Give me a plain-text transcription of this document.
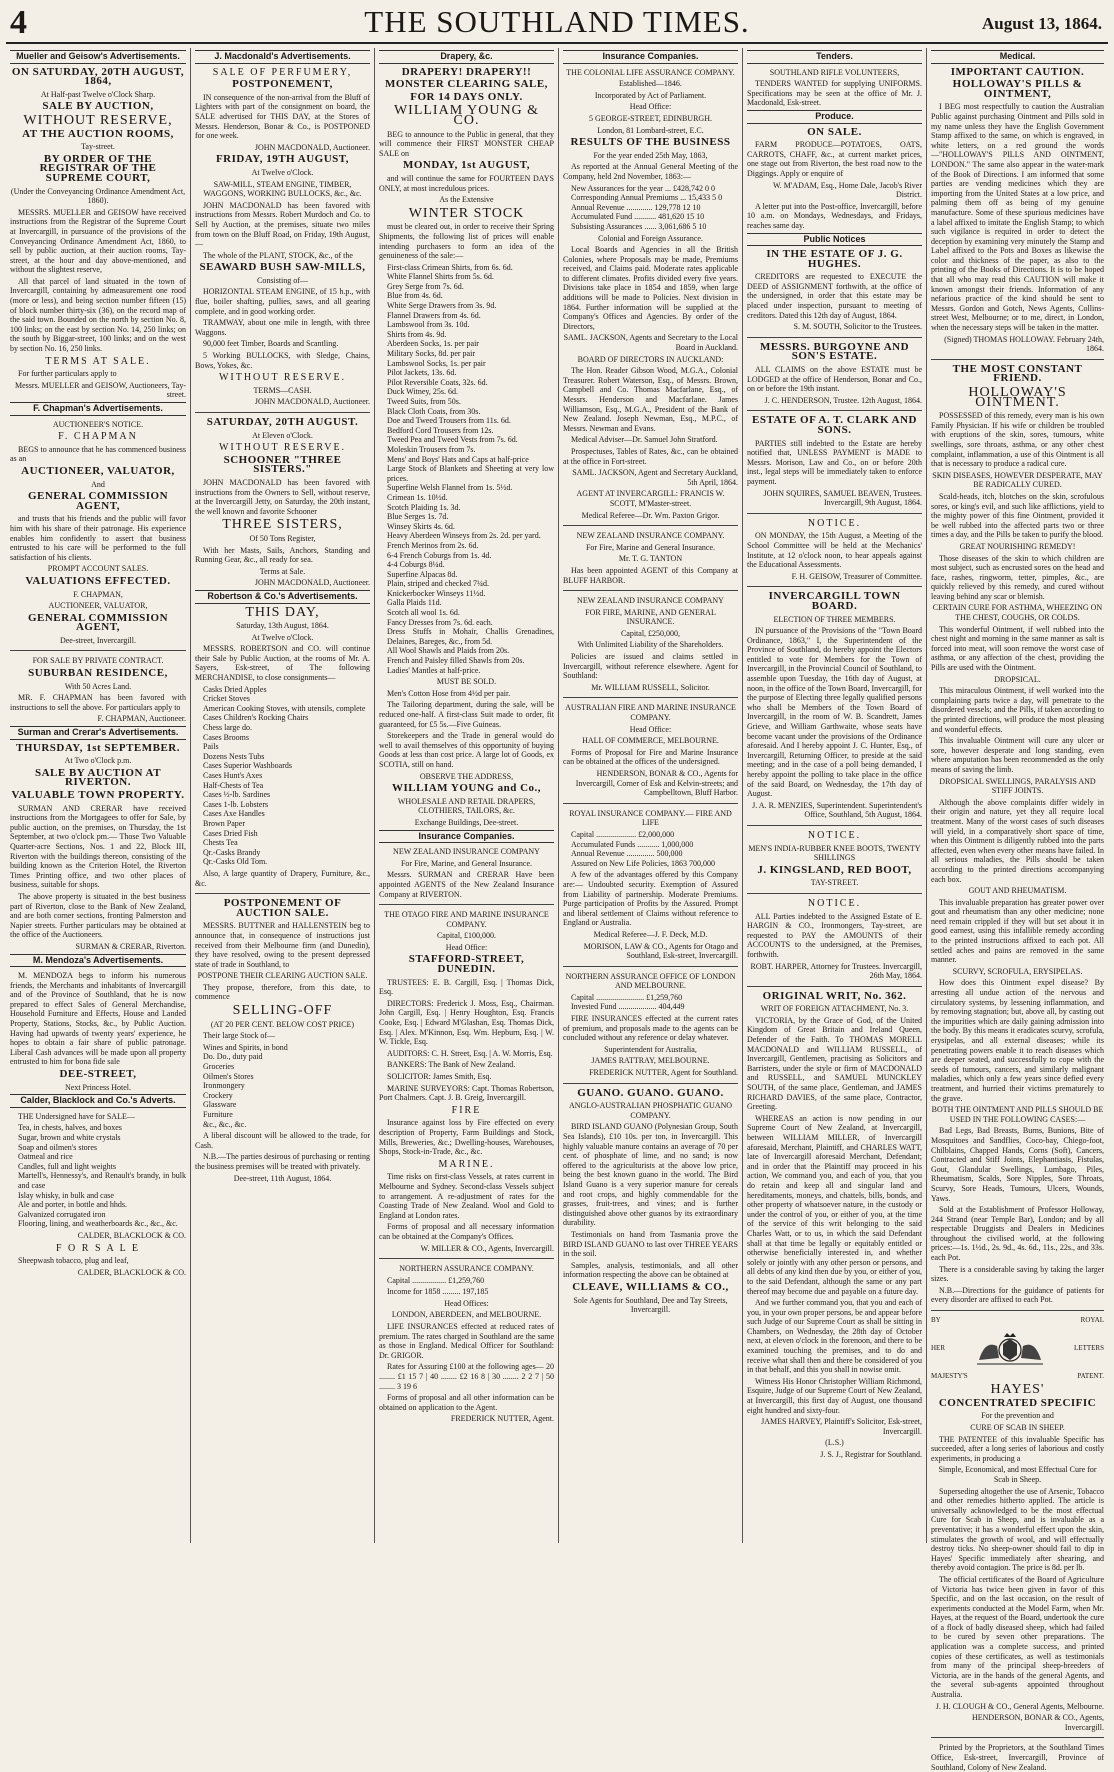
4	THE SOUTHLAND TIMES.	August 13, 1864.
Mueller and Geisow's Advertisements.
ON SATURDAY, 20TH AUGUST, 1864,
At Half-past Twelve o'Clock Sharp.
SALE BY AUCTION,
WITHOUT RESERVE,
AT THE AUCTION ROOMS,
Tay-street.
BY ORDER OF THE REGISTRAR OF THE SUPREME COURT,
(Under the Conveyancing Ordinance Amendment Act, 1860).

MESSRS. MUELLER and GEISOW have received instructions from the Registrar of the Supreme Court at Invercargill, in pursuance of the provisions of the Conveyancing Ordinance Amendment Act, 1860, to sell by public auction, at their auction rooms, Tay-street, at the hour and day above-mentioned, and without the slightest reserve,

All that parcel of land situated in the town of Invercargill, containing by admeasurement one rood (more or less), and being section number fifteen (15) of block number thirty-six (36), on the record map of the said town. Bounded on the north by section No. 8, 100 links; on the east by section No. 14, 250 links; on the south by Biggar-street, 100 links; and on the west by section No. 16, 250 links.

TERMS AT SALE.

For further particulars apply to

Messrs. MUELLER and GEISOW, Auctioneers, Tay-street.
F. Chapman's Advertisements.
AUCTIONEER'S NOTICE.
F. CHAPMAN

BEGS to announce that he has commenced business as an

AUCTIONEER, VALUATOR,
And
GENERAL COMMISSION AGENT,

and trusts that his friends and the public will favor him with his share of their patronage. His experience enables him confidently to assert that business entrusted to his care will be performed to the full satisfaction of his clients.

PROMPT ACCOUNT SALES.
VALUATIONS EFFECTED.
F. CHAPMAN,
AUCTIONEER, VALUATOR,
GENERAL COMMISSION AGENT,
Dee-street, Invercargill.
FOR SALE BY PRIVATE CONTRACT.
SUBURBAN RESIDENCE,
With 50 Acres Land.

MR. F. CHAPMAN has been favored with instructions to sell the above. For particulars apply to

F. CHAPMAN, Auctioneer.
Surman and Crerar's Advertisements.
THURSDAY, 1st SEPTEMBER.
At Two o'Clock p.m.
SALE BY AUCTION AT RIVERTON.
VALUABLE TOWN PROPERTY.

SURMAN AND CRERAR have received instructions from the Mortgagees to offer for Sale, by public auction, on the premises, on Thursday, the 1st September, at two o'clock pm.— Those Two Valuable Quarter-acre Sections, Nos. 1 and 22, Block III, Riverton with the buildings thereon, consisting of the building known as the Criterion Hotel, the Riverton Times Printing office, and two other places of business, suitable for shops.

The above property is situated in the best business part of Riverton, close to the Bank of New Zealand, and are both corner sections, fronting Palmerston and Napier streets. Further particulars may be obtained at the office of the Auctioneers.

SURMAN & CRERAR, Riverton.
M. Mendoza's Advertisements.

M. MENDOZA begs to inform his numerous friends, the Merchants and inhabitants of Invercargill and of the Province of Southland, that he is now prepared to effect Sales of General Merchandise, Household Furniture and Effects, House and Landed Property, Stations, Stocks, &c., by Public Auction. Having had upwards of twenty years' experience, he hopes to obtain a fair share of public patronage. Liberal Cash advances will be made upon all property entrusted to him for bona fide sale

DEE-STREET,
Next Princess Hotel.
Calder, Blacklock and Co.'s Adverts.

THE Undersigned have for SALE—

Tea, in chests, halves, and boxes
Sugar, brown and white crystals
Soap and oilmen's stores
Oatmeal and rice
Candles, full and light weights
Martell's, Hennessy's, and Renault's brandy, in bulk and case
Islay whisky, in bulk and case
Ale and porter, in bottle and hhds.
Galvanized corrugated iron
Flooring, lining, and weatherboards &c., &c., &c.
CALDER, BLACKLOCK & CO.
F O R S A L E

Sheepwash tobacco, plug and leaf,

CALDER, BLACKLOCK & CO.
J. Macdonald's Advertisements.
SALE OF PERFUMERY,
POSTPONEMENT,

IN consequence of the non-arrival from the Bluff of Lighters with part of the consignment on board, the SALE advertised for THIS DAY, at the Stores of Messrs. Henderson, Bonar & Co., is POSTPONED for one week.

JOHN MACDONALD, Auctioneer.
FRIDAY, 19TH AUGUST,
At Twelve o'Clock.
SAW-MILL, STEAM ENGINE, TIMBER, WAGGONS, WORKING BULLOCKS, &c., &c.

JOHN MACDONALD has been favored with instructions from Messrs. Robert Murdoch and Co. to Sell by Auction, at the premises, situate two miles from town on the Bluff Road, on Friday, 19th August,—

The whole of the PLANT, STOCK, &c., of the

SEAWARD BUSH SAW-MILLS,
Consisting of—

HORIZONTAL STEAM ENGINE, of 15 h.p., with flue, boiler shafting, pullies, saws, and all gearing complete, and in good working order.

TRAMWAY, about one mile in length, with three Waggons.

90,000 feet Timber, Boards and Scantling.

5 Working BULLOCKS, with Sledge, Chains, Bows, Yokes, &c.

WITHOUT RESERVE.
TERMS—CASH.
JOHN MACDONALD, Auctioneer.
SATURDAY, 20TH AUGUST.
At Eleven o'Clock.
WITHOUT RESERVE.
SCHOONER "THREE SISTERS."

JOHN MACDONALD has been favored with instructions from the Owners to Sell, without reserve, at the Invercargill Jetty, on Saturday, the 20th instant, the well known and favorite Schooner

THREE SISTERS,
Of 50 Tons Register,

With her Masts, Sails, Anchors, Standing and Running Gear, &c., all ready for sea.

Terms at Sale.
JOHN MACDONALD, Auctioneer.
Robertson & Co.'s Advertisements.
THIS DAY,
Saturday, 13th August, 1864.
At Twelve o'Clock.

MESSRS. ROBERTSON and CO. will continue their Sale by Public Auction, at the rooms of Mr. A. Sayers, Esk-street, of The following MERCHANDISE, to close consignments—

Casks Dried Apples
Cricket Stoves
American Cooking Stoves, with utensils, complete
Cases Children's Rocking Chairs
Chess large do.
Cases Brooms
Pails
Dozens Nests Tubs
Cases Superior Washboards
Cases Hunt's Axes
Half-Chests of Tea
Cases ½-lb. Sardines
Cases 1-lb. Lobsters
Cases Axe Handles
Brown Paper
Cases Dried Fish
Chests Tea
Qr.-Casks Brandy
Qr.-Casks Old Tom.

Also, A large quantity of Drapery, Furniture, &c., &c.

POSTPONEMENT OF AUCTION SALE.

MESSRS. BUTTNER and HALLENSTEIN beg to announce that, in consequence of instructions just received from their Melbourne firm (and Dunedin), they have resolved, owing to the present depressed state of trade in Southland, to

POSTPONE THEIR CLEARING AUCTION SALE.

They propose, therefore, from this date, to commence

SELLING-OFF
(AT 20 PER CENT. BELOW COST PRICE)

Their large Stock of—

Wines and Spirits, in bond
Do. Do., duty paid
Groceries
Oilmen's Stores
Ironmongery
Crockery
Glassware
Furniture
&c., &c., &c.

A liberal discount will be allowed to the trade, for Cash.

N.B.—The parties desirous of purchasing or renting the business premises will be treated with privately.

Dee-street, 11th August, 1864.
Drapery, &c.
DRAPERY! DRAPERY!!
MONSTER CLEARING SALE,
FOR 14 DAYS ONLY.
WILLIAM YOUNG & CO.

BEG to announce to the Public in general, that they will commence their FIRST MONSTER CHEAP SALE on

MONDAY, 1st AUGUST,

and will continue the same for FOURTEEN DAYS ONLY, at most incredulous prices.

As the Extensive
WINTER STOCK

must be cleared out, in order to receive their Spring Shipments, the following list of prices will enable intending purchasers to form an idea of the genuineness of the sale:—

First-class Crimean Shirts, from 6s. 6d.
White Flannel Shirts from 5s. 6d.
Grey Serge from 7s. 6d.
Blue from 4s. 6d.
White Serge Drawers from 3s. 9d.
Flannel Drawers from 4s. 6d.
Lambswool from 3s. 10d.
Shirts from 4s. 9d.
Aberdeen Socks, 1s. per pair
Military Socks, 8d. per pair
Lambswool Socks, 1s. per pair
Pilot Jackets, 13s. 6d.
Pilot Reversible Coats, 32s. 6d.
Duck Witney, 25s. 6d.
Tweed Suits, from 50s.
Black Cloth Coats, from 30s.
Doe and Tweed Trousers from 11s. 6d.
Bedford Cord Trousers from 12s.
Tweed Pea and Tweed Vests from 7s. 6d.
Moleskin Trousers from 7s.
Mens' and Boys' Hats and Caps at half-price
Large Stock of Blankets and Sheeting at very low prices.
Superfine Welsh Flannel from 1s. 5½d.
Crimean 1s. 10½d.
Scotch Plaiding 1s. 3d.
Blue Serges 1s. 7d.
Winsey Skirts 4s. 6d.
Heavy Aberdeen Winseys from 2s. 2d. per yard.
French Merinos from 2s. 6d.
6-4 French Coburgs from 1s. 4d.
4-4 Coburgs 8¼d.
Superfine Alpacas 8d.
Plain, striped and checked 7¼d.
Knickerbocker Winseys 11½d.
Galla Plaids 11d.
Scotch all wool 1s. 6d.
Fancy Dresses from 7s. 6d. each.
Dress Stuffs in Mohair, Challis Grenadines, Delaines, Bareges, &c., from 5d.
All Wool Shawls and Plaids from 20s.
French and Paisley filled Shawls from 20s.
Ladies' Mantles at half-price.
MUST BE SOLD.

Men's Cotton Hose from 4½d per pair.

The Tailoring department, during the sale, will be reduced one-half. A first-class Suit made to order, fit guaranteed, for £5 5s.—Five Guineas.

Storekeepers and the Trade in general would do well to avail themselves of this opportunity of buying Goods at less than cost price. A large lot of Goods, ex SCOTIA, still on hand.

OBSERVE THE ADDRESS,
WILLIAM YOUNG and Co.,
WHOLESALE AND RETAIL DRAPERS, CLOTHIERS, TAILORS, &c.
Exchange Buildings, Dee-street.
Insurance Companies.
NEW ZEALAND INSURANCE COMPANY
For Fire, Marine, and General Insurance.

Messrs. SURMAN and CRERAR Have been appointed AGENTS of the New Zealand Insurance Company at RIVERTON.

THE OTAGO FIRE AND MARINE INSURANCE COMPANY.
Capital, £100,000.
Head Office:
STAFFORD-STREET, DUNEDIN.

TRUSTEES: E. B. Cargill, Esq. | Thomas Dick, Esq.

DIRECTORS: Frederick J. Moss, Esq., Chairman. John Cargill, Esq. | Henry Houghton, Esq. Francis Cooke, Esq. | Edward M'Glashan, Esq. Thomas Dick, Esq. | Alex. M'Kinnon, Esq. Wm. Hepburn, Esq. | W. W. Tickle, Esq.

AUDITORS: C. H. Street, Esq. | A. W. Morris, Esq.

BANKERS: The Bank of New Zealand.

SOLICITOR: James Smith, Esq.

MARINE SURVEYORS: Capt. Thomas Robertson, Port Chalmers. Capt. J. B. Greig, Invercargill.

FIRE

Insurance against loss by Fire effected on every description of Property, Farm Buildings and Stock, Mills, Breweries, &c.; Dwelling-houses, Warehouses, Shops, Stock-in-Trade, &c., &c.

MARINE.

Time risks on first-class Vessels, at rates current in Melbourne and Sydney. Second-class Vessels subject to arrangement. A re-adjustment of rates for the Coasting Trade of New Zealand. Wool and Gold to England at London rates.

Forms of proposal and all necessary information can be obtained at the Company's Offices.

W. MILLER & CO., Agents, Invercargill.
NORTHERN ASSURANCE COMPANY.

Capital ................. £1,259,760

Income for 1858 ......... 197,185

Head Offices:
LONDON, ABERDEEN, and MELBOURNE.

LIFE INSURANCES effected at reduced rates of premium. The rates charged in Southland are the same as those in England. Medical Officer for Southland: Dr. GRIGOR.

Rates for Assuring £100 at the following ages— 20 ........ £1 15 7 | 40 ........ £2 16 8 | 30 ........ 2 2 7 | 50 ........ 3 19 6

Forms of proposal and all other information can be obtained on application to the Agent.

FREDERICK NUTTER, Agent.
Insurance Companies.
THE COLONIAL LIFE ASSURANCE COMPANY.
Established—1846.
Incorporated by Act of Parliament.
Head Office:
5 GEORGE-STREET, EDINBURGH.
London, 81 Lombard-street, E.C.
RESULTS OF THE BUSINESS
For the year ended 25th May, 1863,

As reported at the Annual General Meeting of the Company, held 2nd November, 1863:—

New Assurances for the year ... £428,742 0 0
Corresponding Annual Premiums ... 15,433 5 0
Annual Revenue ............. 129,778 12 10
Accumulated Fund ........... 481,620 15 10
Subsisting Assurances ...... 3,061,686 5 10
Colonial and Foreign Assurance.

Local Boards and Agencies in all the British Colonies, where Proposals may be made, Premiums received, and Claims paid. Moderate rates applicable to different climates. Profits divided every five years. Divisions take place in 1854 and 1859, when large additions will be made to Policies. Next division in 1864. Further information will be supplied at the Company's Offices and Agencies. By order of the Directors,

SAML. JACKSON, Agents and Secretary to the Local Board in Auckland.
BOARD OF DIRECTORS IN AUCKLAND:

The Hon. Reader Gibson Wood, M.G.A., Colonial Treasurer. Robert Waterson, Esq., of Messrs. Brown, Campbell and Co. Thomas Macfarlane, Esq., of Messrs. Henderson and Macfarlane. James Williamson, Esq., M.G.A., President of the Bank of New Zealand. Joseph Newman, Esq., M.P.C., of Messrs. Newman and Evans.

Medical Adviser—Dr. Samuel John Stratford.

Prospectuses, Tables of Rates, &c., can be obtained at the office in Fort-street.

SAML. JACKSON, Agent and Secretary Auckland, 5th April, 1864.
AGENT AT INVERCARGILL: FRANCIS W. SCOTT, M'Master-street.
Medical Referee—Dr. Wm. Paxton Grigor.
NEW ZEALAND INSURANCE COMPANY.
For Fire, Marine and General Insurance.
Mr. T. G. TANTON

Has been appointed AGENT of this Company at BLUFF HARBOR.

NEW ZEALAND INSURANCE COMPANY
FOR FIRE, MARINE, AND GENERAL INSURANCE.
Capital, £250,000,
With Unlimited Liability of the Shareholders.

Policies are issued and claims settled in Invercargill, without reference elsewhere. Agent for Southland:

Mr. WILLIAM RUSSELL, Solicitor.
AUSTRALIAN FIRE AND MARINE INSURANCE COMPANY.
Head Office:
HALL OF COMMERCE, MELBOURNE.

Forms of Proposal for Fire and Marine Insurance can be obtained at the offices of the undersigned.

HENDERSON, BONAR & CO., Agents for Invercargill, Corner of Esk and Kelvin-streets; and Campbelltown, Bluff Harbor.
ROYAL INSURANCE COMPANY.— FIRE AND LIFE
Capital .................... £2,000,000
Accumulated Funds ........... 1,000,000
Annual Revenue .............. 500,000
Assured on New Life Policies, 1863 700,000

A few of the advantages offered by this Company are:— Undoubted security. Exemption of Assured from Liability of partnership. Moderate Premiums. Purge participation of Profits by the Assured. Prompt and liberal settlement of Claims without reference to England or Australia.

Medical Referee—J. F. Deck, M.D.
MORISON, LAW & CO., Agents for Otago and Southland, Esk-street, Invercargill.
NORTHERN ASSURANCE OFFICE OF LONDON AND MELBOURNE.
Capital ........................ £1,259,760
Invested Fund ................... 404,449

FIRE INSURANCES effected at the current rates of premium, and proposals made to the agents can be concluded without any reference or delay whatever.

Superintendent for Australia,
JAMES RATTRAY, MELBOURNE.
FREDERICK NUTTER, Agent for Southland.
GUANO. GUANO. GUANO.
ANGLO-AUSTRALIAN PHOSPHATIC GUANO COMPANY.

BIRD ISLAND GUANO (Polynesian Group, South Sea Islands), £10 10s. per ton, in Invercargill. This highly valuable manure contains an average of 70 per cent. of phosphate of lime, and no sand; is now offered to the agriculturists at the above low price, being the best known guano in the world. The Bird Island Guano is a very superior manure for cereals and root crops, and highly commendable for the grasses, fruit-trees, and vines; and is further distinguished above other guanos by its extraordinary durability.

Testimonials on hand from Tasmania prove the BIRD ISLAND GUANO to last over THREE YEARS in the soil.

Samples, analysis, testimonials, and all other information respecting the above can be obtained at

CLEAVE, WILLIAMS & CO.,
Sole Agents for Southland, Dee and Tay Streets, Invercargill.
Tenders.
SOUTHLAND RIFLE VOLUNTEERS,

TENDERS WANTED for supplying UNIFORMS. Specifications may be seen at the office of Mr. J. Macdonald, Esk-street.

Produce.
ON SALE.

FARM PRODUCE—POTATOES, OATS, CARROTS, CHAFF, &c., at current market prices, one stage out from Riverton, the best road now to the Diggings. Apply or enquire of

W. M'ADAM, Esq., Home Dale, Jacob's River District.

A letter put into the Post-office, Invercargill, before 10 a.m. on Mondays, Wednesdays, and Fridays, reaches same day.

Public Notices
IN THE ESTATE OF J. G. HUGHES.

CREDITORS are requested to EXECUTE the DEED of ASSIGNMENT forthwith, at the office of the undersigned, in order that this estate may be placed under inspection, pursuant to meeting of creditors. Dated this 12th day of August, 1864.

S. M. SOUTH, Solicitor to the Trustees.
MESSRS. BURGOYNE AND SON'S ESTATE.

ALL CLAIMS on the above ESTATE must be LODGED at the office of Henderson, Bonar and Co., on or before the 19th instant.

J. C. HENDERSON, Trustee. 12th August, 1864.
ESTATE OF A. T. CLARK AND SONS.

PARTIES still indebted to the Estate are hereby notified that, UNLESS PAYMENT is MADE to Messrs. Morison, Law and Co., on or before 20th inst., legal steps will be immediately taken to enforce payment.

JOHN SQUIRES, SAMUEL BEAVEN, Trustees. Invercargill, 9th August, 1864.
NOTICE.

ON MONDAY, the 15th August, a Meeting of the School Committee will be held at the Mechanics' Institute, at 12 o'clock noon, to hear appeals against the Educational Assessments.

F. H. GEISOW, Treasurer of Committee.
INVERCARGILL TOWN BOARD.
ELECTION OF THREE MEMBERS.

IN pursuance of the Provisions of the "Town Board Ordinance, 1863," I, the Superintendent of the Province of Southland, do hereby appoint the Electors entitled to vote for Members for the Town of Invercargill, in the Provincial Council of Southland, to assemble upon Tuesday, the 16th day of August, at noon, in the office of the Town Board, Invercargill, for the purpose of Electing three legally qualified persons who shall be Members of the Town Board of Invercargill, in the room of W. B. Scandrett, James Grieve, and William Garthwaite, whose seats have become vacant under the provisions of the Ordinance aforesaid. And I hereby appoint J. C. Hunter, Esq., of Invercargill, Returning Officer, to preside at the said meeting; and in the case of a poll being demanded, I hereby appoint the polling to take place in the office of the said Board, on Wednesday, the 17th day of August.

J. A. R. MENZIES, Superintendent. Superintendent's Office, Southland, 5th August, 1864.
NOTICE.
MEN'S INDIA-RUBBER KNEE BOOTS, TWENTY SHILLINGS
J. KINGSLAND, RED BOOT,
TAY-STREET.
NOTICE.

ALL Parties indebted to the Assigned Estate of E. HARGIN & CO., Ironmongers, Tay-street, are requested to PAY the AMOUNTS of their ACCOUNTS to the undersigned, at the Premises, forthwith.

ROBT. HARPER, Attorney for Trustees. Invercargill, 26th May, 1864.
ORIGINAL WRIT, No. 362.
WRIT OF FOREIGN ATTACHMENT, No. 3.

VICTORIA, by the Grace of God, of the United Kingdom of Great Britain and Ireland Queen, Defender of the Faith. To THOMAS MORELL MACDONALD and WILLIAM RUSSELL, of Invercargill, Gentlemen, practising as Solicitors and Barristers, under the style or firm of MACDONALD and RUSSELL, and SAMUEL MUNCKLEY SOUTH, of the same place, Gentleman, and JAMES RICHARD DAVIES, of the same place, Contractor, Greeting.

WHEREAS an action is now pending in our Supreme Court of New Zealand, at Invercargill, between WILLIAM MILLER, of Invercargill aforesaid, Merchant, Plaintiff, and CHARLES WATT, late of Invercargill aforesaid Merchant, Defendant; and in order that the Plaintiff may proceed in his action, We command you, and each of you, that you do retain and keep all and singular land and hereditaments, moneys, and chattels, bills, bonds, and other property of whatsoever nature, in the custody or under the control of you, or either of you, at the time of the service of this writ belonging to the said Charles Watt, or to us, in which the said Defendant shall at that time be legally or equitably entitled or otherwise beneficially interested in, and whether solely or jointly with any other person or persons, and all debts of any kind then due by you, or either of you, to the said Defendant, although the same or any part thereof may become due and payable on a future day.

And we further command you, that you and each of you, in your own proper persons, be and appear before such Judge of our Supreme Court as shall be sitting in Chambers, on Wednesday, the 28th day of October next, at eleven o'clock in the forenoon, and there to be examined touching the premises, and to do and receive what shall then and there be considered of you in that behalf, and this you shall in nowise omit.

Witness His Honor Christopher William Richmond, Esquire, Judge of our Supreme Court of New Zealand, at Invercargill, this first day of August, one thousand eight hundred and sixty-four.

JAMES HARVEY, Plaintiff's Solicitor, Esk-street, Invercargill.
(L.S.)
J. S. J., Registrar for Southland.
Medical.
IMPORTANT CAUTION.
HOLLOWAY'S PILLS & OINTMENT,

I BEG most respectfully to caution the Australian Public against purchasing Ointment and Pills sold in my name unless they have the English Government Stamp affixed to the same, on which is engraved, in white letters, on a red ground the words—"HOLLOWAY'S PILLS AND OINTMENT, LONDON." The same also appear in the water-mark of the Book of Directions. I am informed that some parties are vending medicines which they are importing from the United States at a low price, and palming them off as being of my genuine manufacture. Some of these spurious medicines have a label affixed to imitate the English Stamp; to which such vigilance is required in order to detect the deception by examining very minutely the Stamp and Label affixed to the Pots and Boxes as likewise the color and thickness of the paper, as also to the printing of the Books of Directions. It is to be hoped that all who may read this CAUTION will make it known amongst their friends. Information of any nefarious practice of the kind should be sent to Messrs. Gordon and Gotch, News Agents, Collins-street West, Melbourne; or to me, direct, in London, when the necessary steps will be taken in the matter.

(Signed) THOMAS HOLLOWAY. February 24th, 1864.
THE MOST CONSTANT FRIEND.
HOLLOWAY'S OINTMENT.

POSSESSED of this remedy, every man is his own Family Physician. If his wife or children be troubled with eruptions of the skin, sores, tumours, white swellings, sore throats, asthma, or any other chest complaint, inflammation, a use of this Ointment is all that is necessary to produce a radical cure.

SKIN DISEASES, HOWEVER DESPERATE, MAY BE RADICALLY CURED.

Scald-heads, itch, blotches on the skin, scrofulous sores, or king's evil, and such like afflictions, yield to the mighty power of this fine Ointment, provided it be well rubbed into the affected parts two or three times a day, and the Pills be taken to purify the blood.

GREAT NOURISHING REMEDY!

Those diseases of the skin to which children are most subject, such as encrusted sores on the head and face, rashes, ringworm, tetter, pimples, &c., are quickly relieved by this remedy, and cured without leaving behind any scar or blemish.

CERTAIN CURE FOR ASTHMA, WHEEZING ON THE CHEST, COUGHS, OR COLDS.

This wonderful Ointment, if well rubbed into the chest night and morning in the same manner as salt is forced into meat, will soon remove the worst case of asthma, or any affection of the chest, providing the Pills are used with the Ointment.

DROPSICAL.

This miraculous Ointment, if well worked into the complaining parts twice a day, will penetrate to the disordered vessels; and the Pills, if taken according to the printed directions, will produce the most pleasing and wonderful effects.

This invaluable Ointment will cure any ulcer or sore, however desperate and long standing, even where amputation has been recommended as the only means of saving the limb.

DROPSICAL SWELLINGS, PARALYSIS AND STIFF JOINTS.

Although the above complaints differ widely in their origin and nature, yet they all require local treatment. Many of the worst cases of such diseases will yield, in a comparatively short space of time, when this Ointment is diligently rubbed into the parts affected, even when every other means have failed. In all serious maladies, the Pills should be taken according to the printed directions accompanying each box.

GOUT AND RHEUMATISM.

This invaluable preparation has greater power over gout and rheumatism than any other medicine; none need remain crippled if they will but set about it in good earnest, using this infallible remedy according to the printed instructions affixed to each pot. All settled aches and pains are removed in the same manner.

SCURVY, SCROFULA, ERYSIPELAS.

How does this Ointment expel disease? By arresting all undue action of the nervous and circulatory systems, by lessening inflammation, and by removing stagnation; but, above all, by casting out the impurities which are daily gaining admission into the body. By this means it eradicates scurvy, scrofula, erysipelas, and all external diseases; while its penetrating powers enable it to reach diseases which are deeper seated, and successfully to cope with the seeds of tumours, cancers, and similarly malignant maladies, which only a few years since defied every treatment, and hurried their victims prematurely to the grave.

BOTH THE OINTMENT AND PILLS SHOULD BE USED IN THE FOLLOWING CASES:—

Bad Legs, Bad Breasts, Burns, Bunions, Bite of Mosquitoes and Sandflies, Coco-bay, Chiego-foot, Chilblains, Chapped Hands, Corns (Soft), Cancers, Contracted and Stiff Joints, Elephantiasis, Fistulas, Gout, Glandular Swellings, Lumbago, Piles, Rheumatism, Scalds, Sore Nipples, Sore Throats, Scurvy, Sore Heads, Tumours, Ulcers, Wounds, Yaws.

Sold at the Establishment of Professor Holloway, 244 Strand (near Temple Bar), London; and by all respectable Druggists and Dealers in Medicines throughout the civilised world, at the following prices:—1s. 1½d., 2s. 9d., 4s. 6d., 11s., 22s., and 33s. each Pot.

There is a considerable saving by taking the larger sizes.

N.B.—Directions for the guidance of patients for every disorder are affixed to each Pot.

BY	ROYAL
HER	LETTERS
MAJESTY'S	PATENT.
HAYES'
CONCENTRATED SPECIFIC
For the prevention and
CURE OF SCAB IN SHEEP.

THE PATENTEE of this invaluable Specific has succeeded, after a long series of laborious and costly experiments, in producing a

Simple, Economical, and most Effectual Cure for Scab in Sheep.

Superseding altogether the use of Arsenic, Tobacco and other remedies hitherto applied. The article is universally acknowledged to be the most effectual Cure for Scab in Sheep, and is invaluable as a preventative; it has a wonderful effect upon the skin, stimulates the growth of wool, and will effectually destroy ticks. No sheep-owner should fail to dip in Hayes' Specific immediately after shearing, and thereby avoid contagion. The price is 8d. per lb.

The official certificates of the Board of Agriculture of Victoria has twice been given in favor of this Specific, and on the last occasion, on the result of experiments conducted at the Model Farm, when Mr. Hayes, at the request of the Board, undertook the cure of a flock of badly diseased sheep, which had failed to be cured by seven other preparations. The application was a complete success, and printed copies of these certificates, as well as testimonials from many of the principal sheep-breeders of Victoria, are in the hands of the general Agents, and the several sub-agents appointed throughout Australia.

J. H. CLOUGH & CO., General Agents, Melbourne.
HENDERSON, BONAR & CO., Agents, Invercargill.

Printed by the Proprietors, at the Southland Times Office, Esk-street, Invercargill, Province of Southland, Colony of New Zealand.
